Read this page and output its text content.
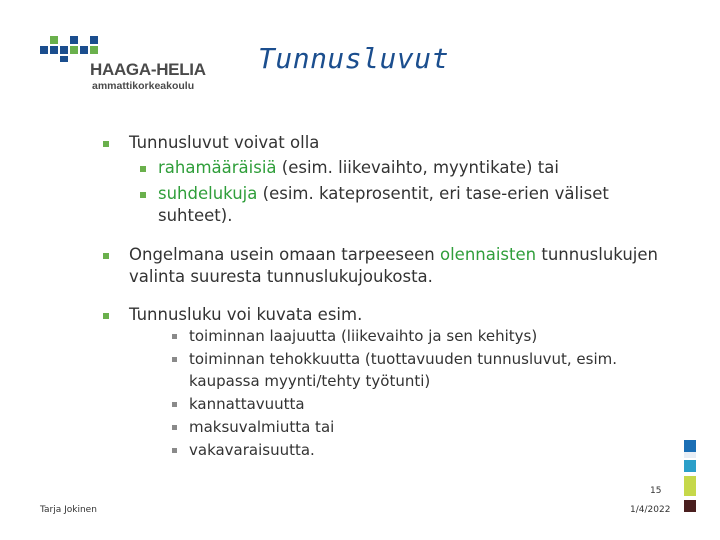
HAAGA-HELIA
ammattikorkeakoulu
Tunnusluvut
Tunnusluvut voivat olla
rahamääräisiä (esim. liikevaihto, myyntikate) tai
suhdelukuja (esim. kateprosentit, eri tase-erien väliset
suhteet).
Ongelmana usein omaan tarpeeseen olennaisten tunnuslukujen
valinta suuresta tunnuslukujoukosta.
Tunnusluku voi kuvata esim.
toiminnan laajuutta (liikevaihto ja sen kehitys)
toiminnan tehokkuutta (tuottavuuden tunnusluvut, esim.
kaupassa myynti/tehty työtunti)
kannattavuutta
maksuvalmiutta tai
vakavaraisuutta.
Tarja Jokinen
15
1/4/2022
